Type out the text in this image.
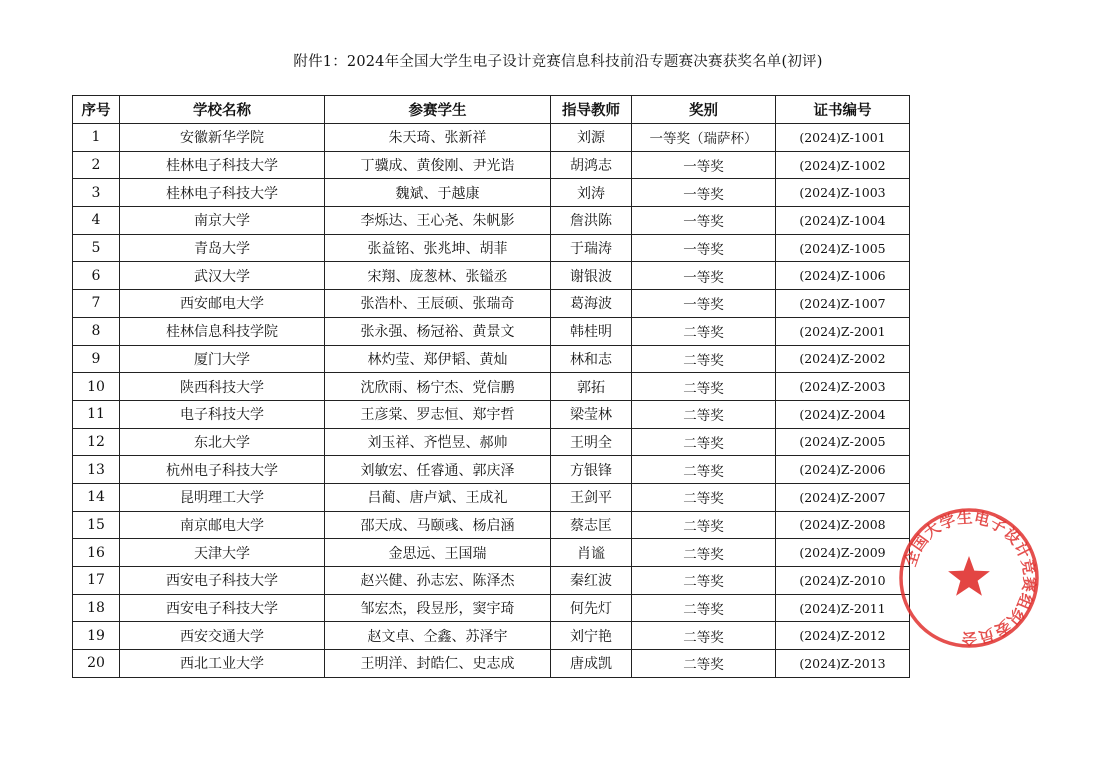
附件1：2024年全国大学生电子设计竞赛信息科技前沿专题赛决赛获奖名单(初评)
序号	学校名称	参赛学生	指导教师	奖别	证书编号
1	安徽新华学院	朱天琦、张新祥	刘源	一等奖（瑞萨杯）	(2024)Z-1001
2	桂林电子科技大学	丁骥成、黄俊刚、尹光诰	胡鸿志	一等奖	(2024)Z-1002
3	桂林电子科技大学	魏斌、于越康	刘涛	一等奖	(2024)Z-1003
4	南京大学	李烁达、王心尧、朱帆影	詹洪陈	一等奖	(2024)Z-1004
5	青岛大学	张益铭、张兆坤、胡菲	于瑞涛	一等奖	(2024)Z-1005
6	武汉大学	宋翔、庞葱林、张镒丞	谢银波	一等奖	(2024)Z-1006
7	西安邮电大学	张浩朴、王辰硕、张瑞奇	葛海波	一等奖	(2024)Z-1007
8	桂林信息科技学院	张永强、杨冠裕、黄景文	韩桂明	二等奖	(2024)Z-2001
9	厦门大学	林灼莹、郑伊韬、黄灿	林和志	二等奖	(2024)Z-2002
10	陕西科技大学	沈欣雨、杨宁杰、党信鹏	郭拓	二等奖	(2024)Z-2003
11	电子科技大学	王彦棠、罗志恒、郑宇哲	梁莹林	二等奖	(2024)Z-2004
12	东北大学	刘玉祥、齐恺昱、郝帅	王明全	二等奖	(2024)Z-2005
13	杭州电子科技大学	刘敏宏、任睿通、郭庆泽	方银锋	二等奖	(2024)Z-2006
14	昆明理工大学	吕蔺、唐卢斌、王成礼	王剑平	二等奖	(2024)Z-2007
15	南京邮电大学	邵天成、马颐彧、杨启涵	蔡志匡	二等奖	(2024)Z-2008
16	天津大学	金思远、王国瑞	肖谧	二等奖	(2024)Z-2009
17	西安电子科技大学	赵兴健、孙志宏、陈泽杰	秦红波	二等奖	(2024)Z-2010
18	西安电子科技大学	邹宏杰，段昱彤，窦宇琦	何先灯	二等奖	(2024)Z-2011
19	西安交通大学	赵文卓、仝鑫、苏泽宇	刘宁艳	二等奖	(2024)Z-2012
20	西北工业大学	王明洋、封皓仁、史志成	唐成凯	二等奖	(2024)Z-2013
全国大学生电子设计竞赛组织委员会
